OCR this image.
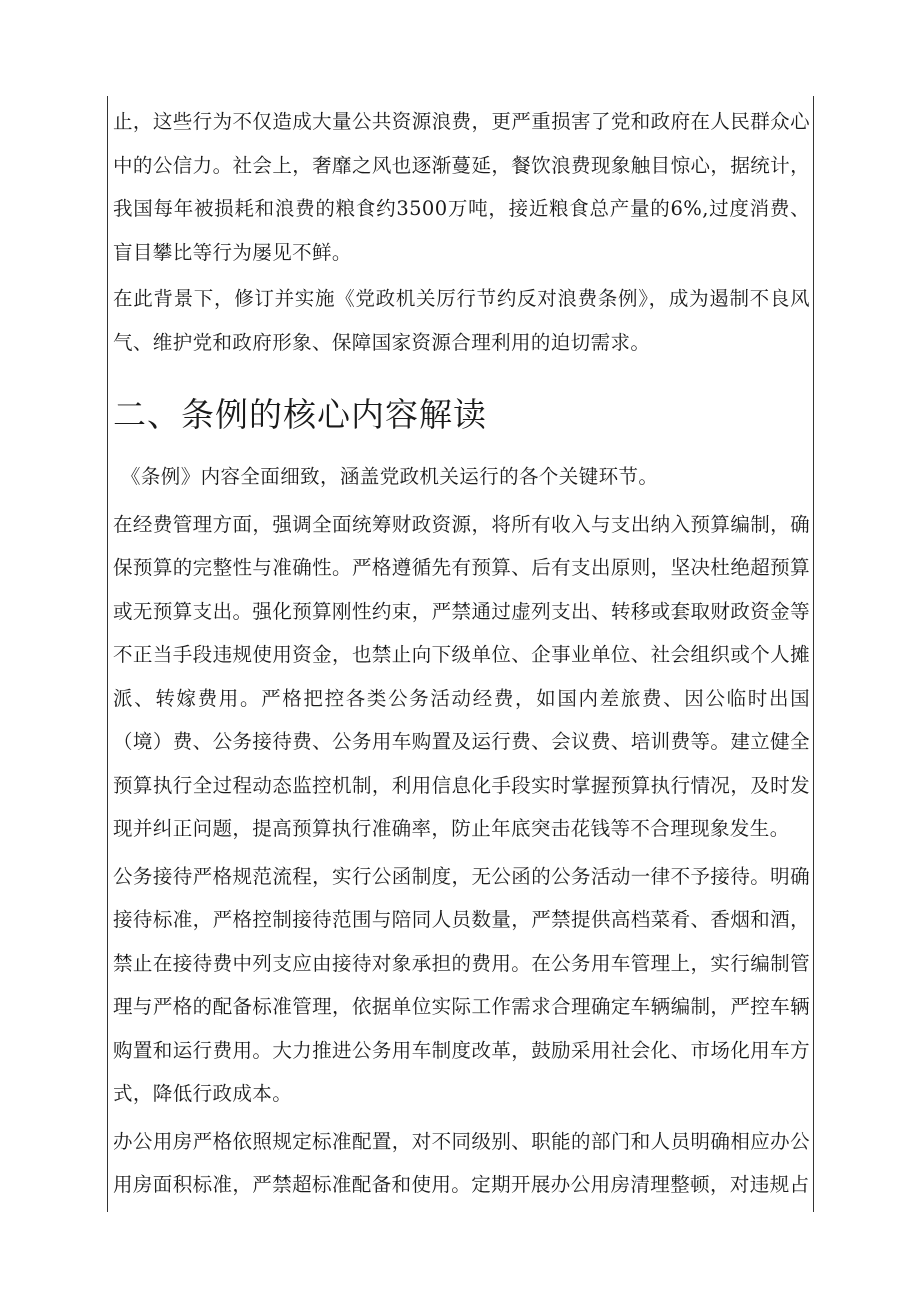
止，这些行为不仅造成大量公共资源浪费，更严重损害了党和政府在人民群众心中的公信力。社会上，奢靡之风也逐渐蔓延，餐饮浪费现象触目惊心，据统计，我国每年被损耗和浪费的粮食约3500万吨，接近粮食总产量的6%,过度消费、盲目攀比等行为屡见不鲜。

在此背景下，修订并实施《党政机关厉行节约反对浪费条例》，成为遏制不良风气、维护党和政府形象、保障国家资源合理利用的迫切需求。

二、条例的核心内容解读

《条例》内容全面细致，涵盖党政机关运行的各个关键环节。

在经费管理方面，强调全面统筹财政资源，将所有收入与支出纳入预算编制，确保预算的完整性与准确性。严格遵循先有预算、后有支出原则，坚决杜绝超预算或无预算支出。强化预算刚性约束，严禁通过虚列支出、转移或套取财政资金等不正当手段违规使用资金，也禁止向下级单位、企事业单位、社会组织或个人摊派、转嫁费用。严格把控各类公务活动经费，如国内差旅费、因公临时出国（境）费、公务接待费、公务用车购置及运行费、会议费、培训费等。建立健全预算执行全过程动态监控机制，利用信息化手段实时掌握预算执行情况，及时发现并纠正问题，提高预算执行准确率，防止年底突击花钱等不合理现象发生。

公务接待严格规范流程，实行公函制度，无公函的公务活动一律不予接待。明确接待标准，严格控制接待范围与陪同人员数量，严禁提供高档菜肴、香烟和酒，禁止在接待费中列支应由接待对象承担的费用。在公务用车管理上，实行编制管理与严格的配备标准管理，依据单位实际工作需求合理确定车辆编制，严控车辆购置和运行费用。大力推进公务用车制度改革，鼓励采用社会化、市场化用车方式，降低行政成本。

办公用房严格依照规定标准配置，对不同级别、职能的部门和人员明确相应办公用房面积标准，严禁超标准配备和使用。定期开展办公用房清理整顿，对违规占
